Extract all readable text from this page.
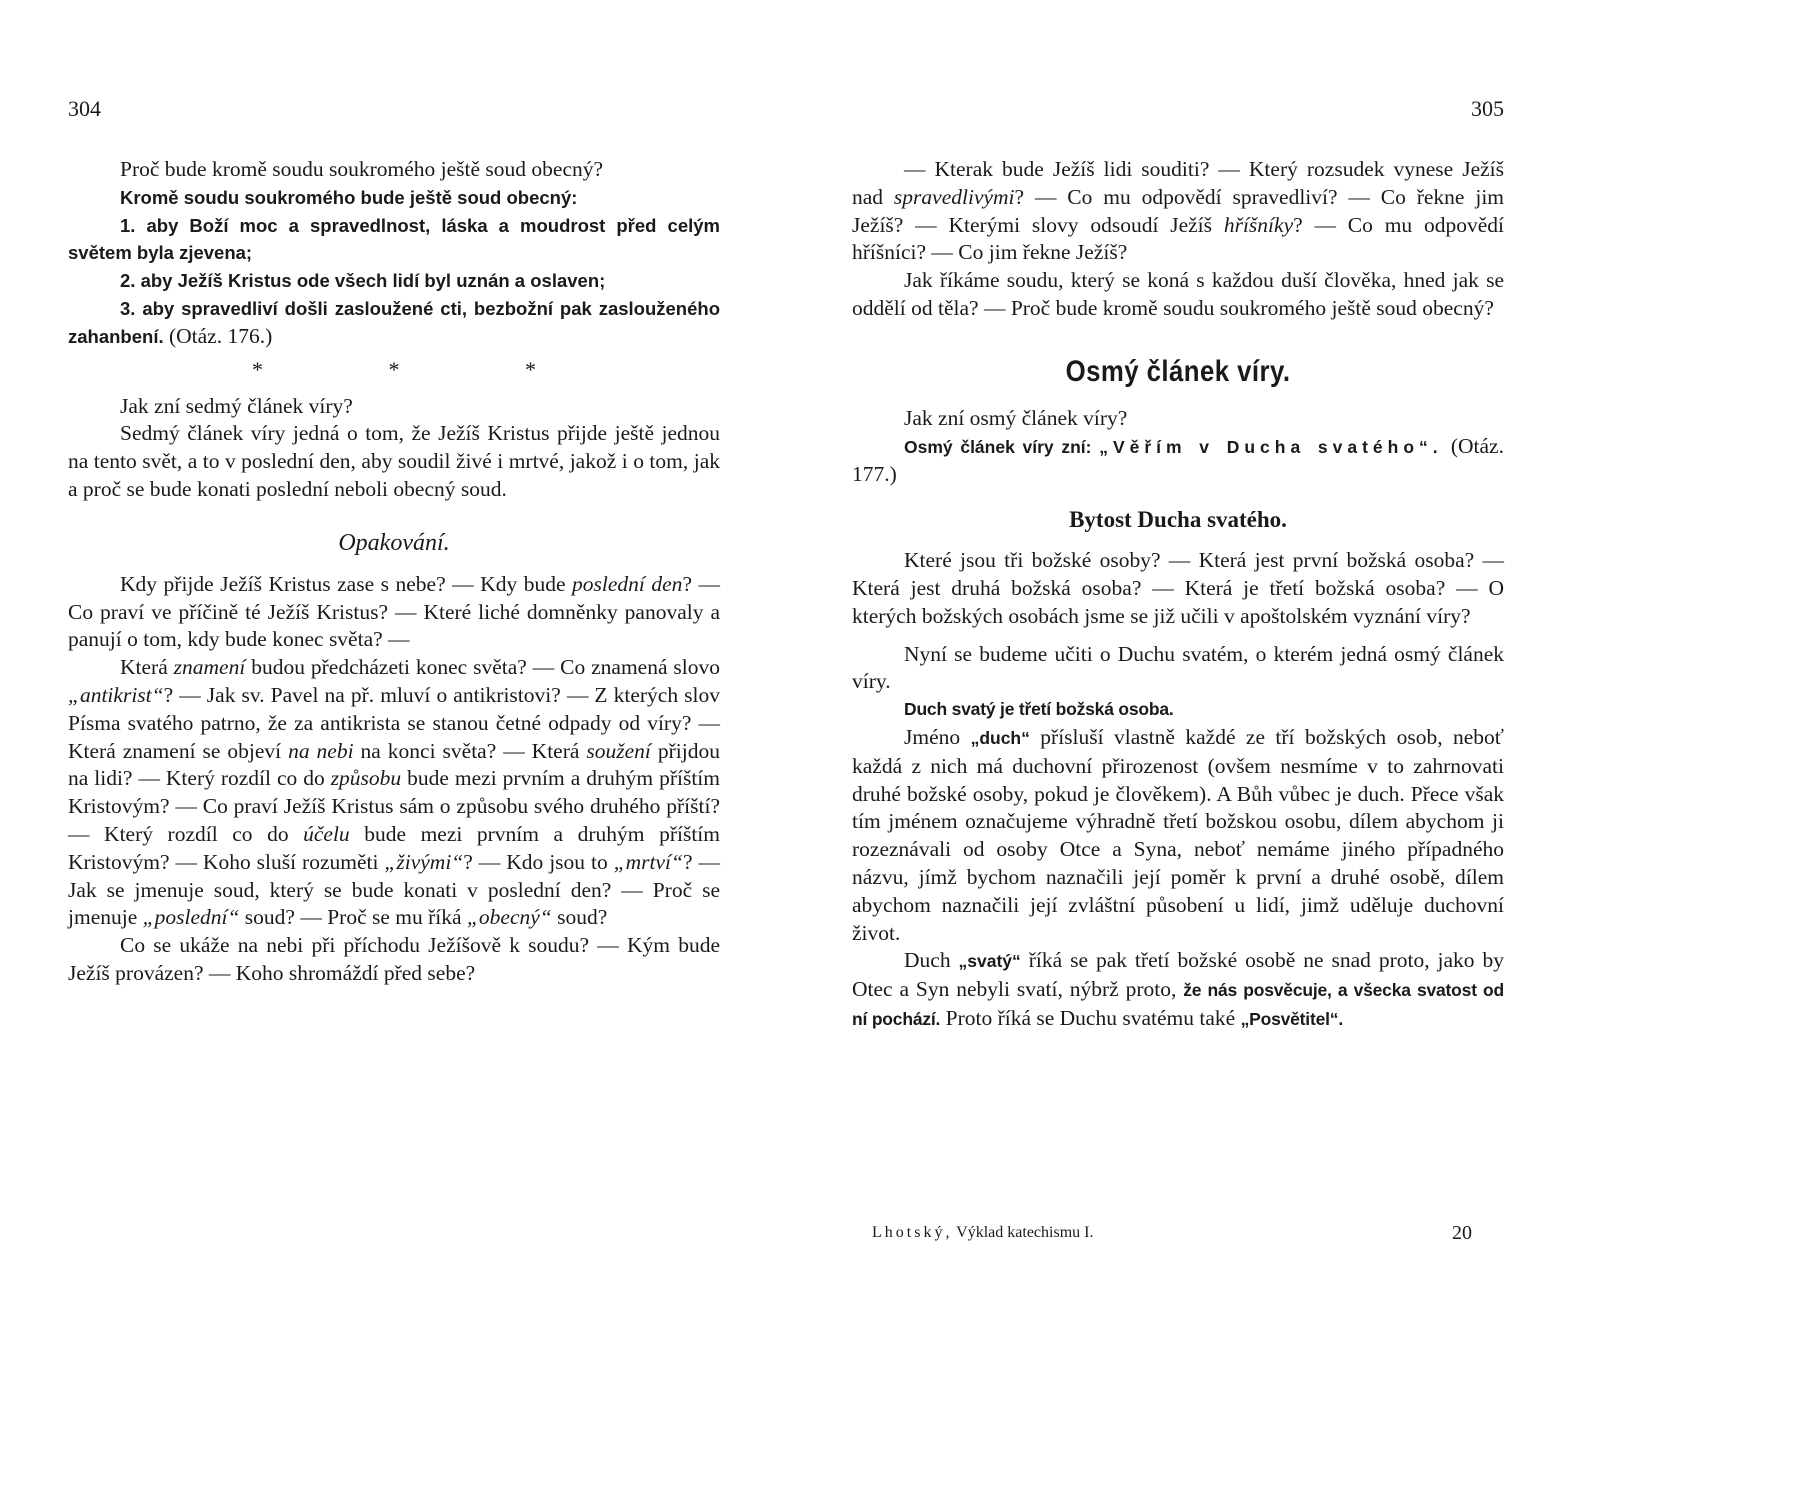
304

Proč bude kromě soudu soukromého ještě soud obecný?

Kromě soudu soukromého bude ještě soud obecný:

1. aby Boží moc a spravedlnost, láska a moudrost před celým světem byla zjevena;

2. aby Ježíš Kristus ode všech lidí byl uznán a oslaven;

3. aby spravedliví došli zasloužené cti, bezbožní pak zaslouženého zahanbení. (Otáz. 176.)

* * *

Jak zní sedmý článek víry?

Sedmý článek víry jedná o tom, že Ježíš Kristus přijde ještě jednou na tento svět, a to v poslední den, aby soudil živé i mrtvé, jakož i o tom, jak a proč se bude konati poslední neboli obecný soud.

Opakování.

Kdy přijde Ježíš Kristus zase s nebe? — Kdy bude poslední den? — Co praví ve příčině té Ježíš Kristus? — Které liché domněnky panovaly a panují o tom, kdy bude konec světa? —

Která znamení budou předcházeti konec světa? — Co znamená slovo „antikrist“? — Jak sv. Pavel na př. mluví o antikristovi? — Z kterých slov Písma svatého patrno, že za antikrista se stanou četné odpady od víry? — Která znamení se objeví na nebi na konci světa? — Která soužení přijdou na lidi? — Který rozdíl co do způsobu bude mezi prvním a druhým příštím Kristovým? — Co praví Ježíš Kristus sám o způsobu svého druhého příští? — Který rozdíl co do účelu bude mezi prvním a druhým příštím Kristovým? — Koho sluší rozuměti „živými“? — Kdo jsou to „mrtví“? — Jak se jmenuje soud, který se bude konati v poslední den? — Proč se jmenuje „poslední“ soud? — Proč se mu říká „obecný“ soud?

Co se ukáže na nebi při příchodu Ježíšově k soudu? — Kým bude Ježíš provázen? — Koho shromáždí před sebe?

305

— Kterak bude Ježíš lidi souditi? — Který rozsudek vynese Ježíš nad spravedlivými? — Co mu odpovědí spravedliví? — Co řekne jim Ježíš? — Kterými slovy odsoudí Ježíš hříšníky? — Co mu odpovědí hříšníci? — Co jim řekne Ježíš?

Jak říkáme soudu, který se koná s každou duší člověka, hned jak se oddělí od těla? — Proč bude kromě soudu soukromého ještě soud obecný?

Osmý článek víry.

Jak zní osmý článek víry?

Osmý článek víry zní: „Věřím v Ducha svatého“. (Otáz. 177.)

Bytost Ducha svatého.

Které jsou tři božské osoby? — Která jest první božská osoba? — Která jest druhá božská osoba? — Která je třetí božská osoba? — O kterých božských osobách jsme se již učili v apoštolském vyznání víry?

Nyní se budeme učiti o Duchu svatém, o kterém jedná osmý článek víry.

Duch svatý je třetí božská osoba.

Jméno „duch“ přísluší vlastně každé ze tří božských osob, neboť každá z nich má duchovní přirozenost (ovšem nesmíme v to zahrnovati druhé božské osoby, pokud je člověkem). A Bůh vůbec je duch. Přece však tím jménem označujeme výhradně třetí božskou osobu, dílem abychom ji rozeznávali od osoby Otce a Syna, neboť nemáme jiného případného názvu, jímž bychom naznačili její poměr k první a druhé osobě, dílem abychom naznačili její zvláštní působení u lidí, jimž uděluje duchovní život.

Duch „svatý“ říká se pak třetí božské osobě ne snad proto, jako by Otec a Syn nebyli svatí, nýbrž proto, že nás posvěcuje, a všecka svatost od ní pochází. Proto říká se Duchu svatému také „Posvětitel“.

Lhotský, Výklad katechismu I.	20
